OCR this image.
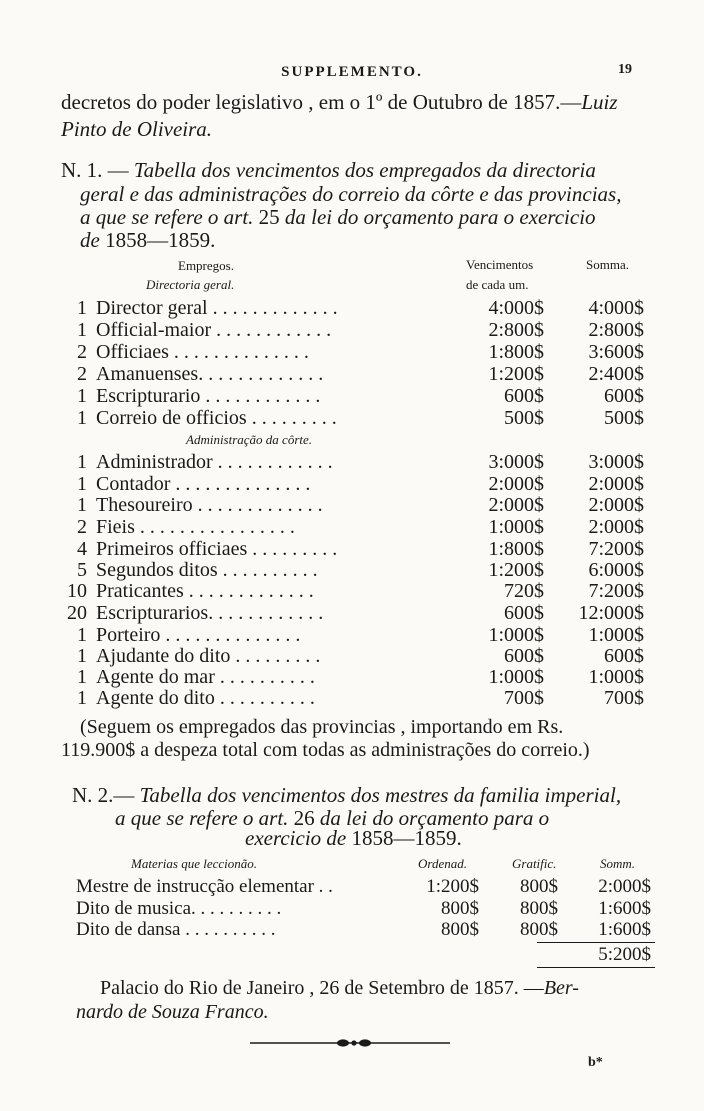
SUPPLEMENTO.	19
decretos do poder legislativo , em o 1º de Outubro de 1857.—Luiz
Pinto de Oliveira.
N. 1. — Tabella dos vencimentos dos empregados da directoria
geral e das administrações do correio da côrte e das provincias,
a que se refere o art. 25 da lei do orçamento para o exercicio
de 1858—1859.
Empregos.	Vencimentos	Somma.
de cada um.
Directoria geral.
1 Director geral . . . . . . . . . . . . .	4:000$ 4:000$
1 Official-maior . . . . . . . . . . . .	2:800$ 2:800$
2 Officiaes . . . . . . . . . . . . . .	1:800$ 3:600$
2 Amanuenses. . . . . . . . . . . . .	1:200$ 2:400$
1 Escripturario . . . . . . . . . . . .	600$	600$
1 Correio de officios . . . . . . . . .	500$	500$
Administração da côrte.
1 Administrador . . . . . . . . . . . .	3:000$ 3:000$
1 Contador . . . . . . . . . . . . . .	2:000$ 2:000$
1 Thesoureiro . . . . . . . . . . . . .	2:000$ 2:000$
2 Fieis . . . . . . . . . . . . . . . .	1:000$ 2:000$
4 Primeiros officiaes . . . . . . . . .	1:800$ 7:200$
5 Segundos ditos . . . . . . . . . .	1:200$ 6:000$
10 Praticantes . . . . . . . . . . . . .	720$ 7:200$
20 Escripturarios. . . . . . . . . . . .	600$ 12:000$
1 Porteiro . . . . . . . . . . . . . .	1:000$ 1:000$
1 Ajudante do dito . . . . . . . . .	600$	600$
1 Agente do mar . . . . . . . . . .	1:000$ 1:000$
1 Agente do dito . . . . . . . . . .	700$	700$
(Seguem os empregados das provincias , importando em Rs.
119.900$ a despeza total com todas as administrações do correio.)
N. 2.— Tabella dos vencimentos dos mestres da familia imperial,
a que se refere o art. 26 da lei do orçamento para o
exercicio de 1858—1859.
Materias que leccionão.	Ordenad.	Gratific.	Somm.
Mestre de instrucção elementar . .	1:200$ 800$ 2:000$
Dito de musica. . . . . . . . . .	800$ 800$ 1:600$
Dito de dansa . . . . . . . . . .	800$ 800$ 1:600$
5:200$
Palacio do Rio de Janeiro , 26 de Setembro de 1857. —Ber-
nardo de Souza Franco.
b*
